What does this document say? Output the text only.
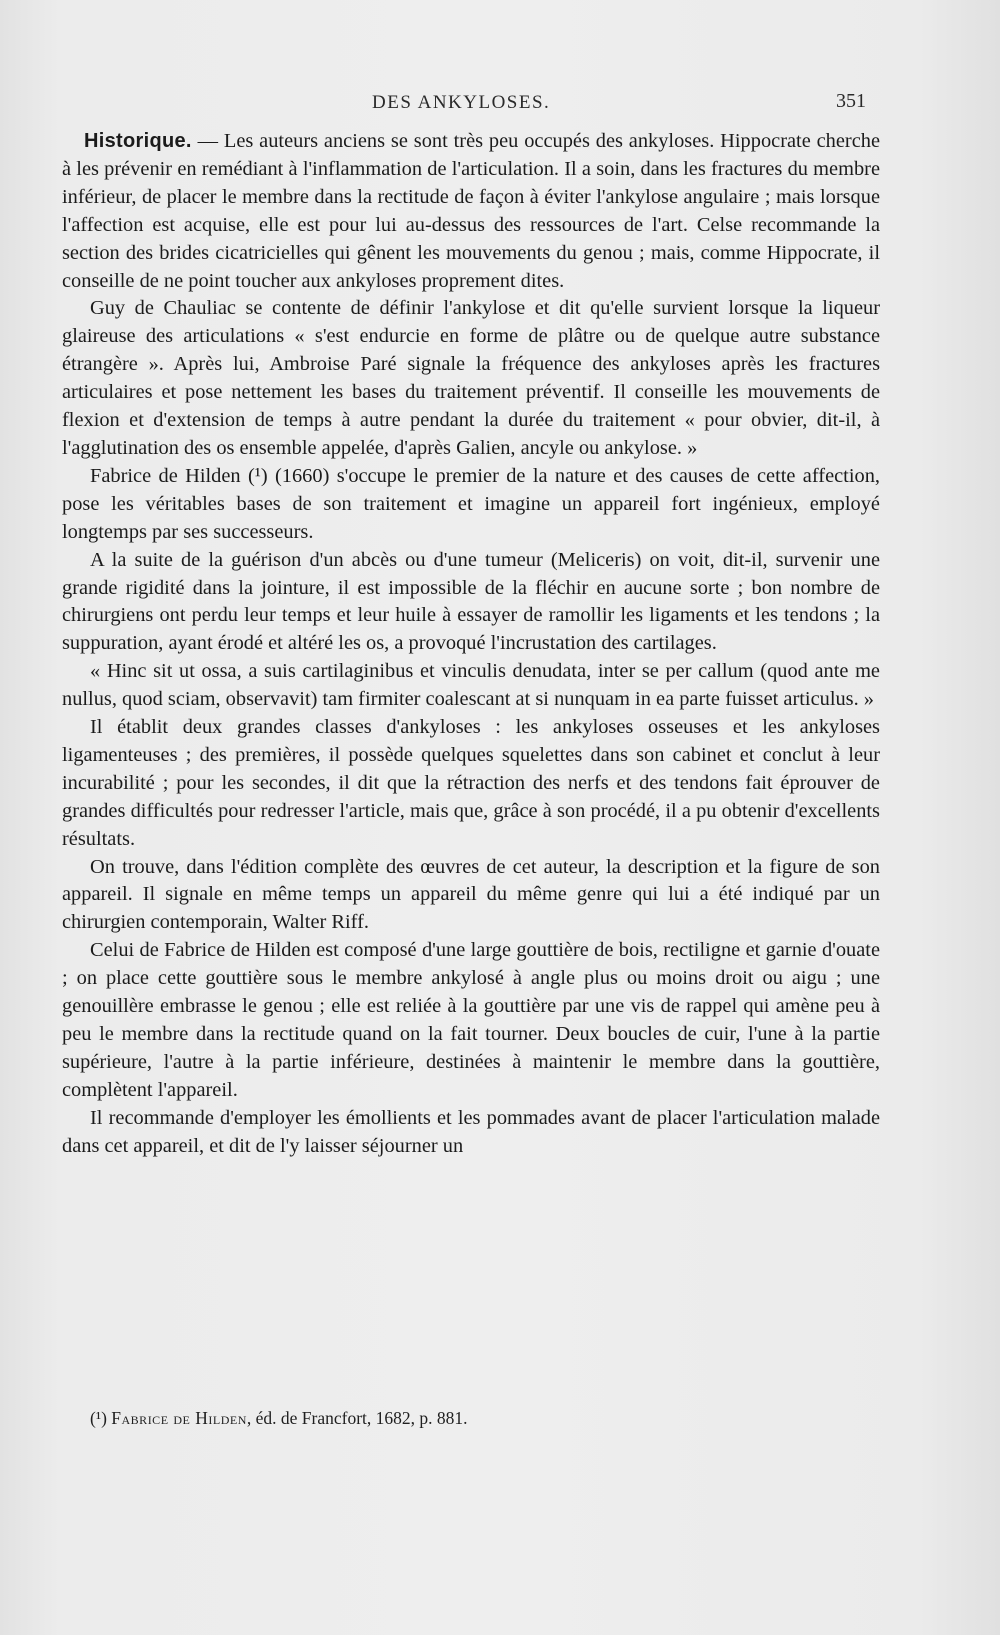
DES ANKYLOSES.	351

Historique. — Les auteurs anciens se sont très peu occupés des ankyloses. Hippocrate cherche à les prévenir en remédiant à l'inflammation de l'articulation. Il a soin, dans les fractures du membre inférieur, de placer le membre dans la rectitude de façon à éviter l'ankylose angulaire ; mais lorsque l'affection est acquise, elle est pour lui au-dessus des ressources de l'art. Celse recommande la section des brides cicatricielles qui gênent les mouvements du genou ; mais, comme Hippocrate, il conseille de ne point toucher aux ankyloses proprement dites.

Guy de Chauliac se contente de définir l'ankylose et dit qu'elle survient lorsque la liqueur glaireuse des articulations « s'est endurcie en forme de plâtre ou de quelque autre substance étrangère ». Après lui, Ambroise Paré signale la fréquence des ankyloses après les fractures articulaires et pose nettement les bases du traitement préventif. Il conseille les mouvements de flexion et d'extension de temps à autre pendant la durée du traitement « pour obvier, dit-il, à l'agglutination des os ensemble appelée, d'après Galien, ancyle ou ankylose. »

Fabrice de Hilden (¹) (1660) s'occupe le premier de la nature et des causes de cette affection, pose les véritables bases de son traitement et imagine un appareil fort ingénieux, employé longtemps par ses successeurs.

A la suite de la guérison d'un abcès ou d'une tumeur (Meliceris) on voit, dit-il, survenir une grande rigidité dans la jointure, il est impossible de la fléchir en aucune sorte ; bon nombre de chirurgiens ont perdu leur temps et leur huile à essayer de ramollir les ligaments et les tendons ; la suppuration, ayant érodé et altéré les os, a provoqué l'incrustation des cartilages.

« Hinc sit ut ossa, a suis cartilaginibus et vinculis denudata, inter se per callum (quod ante me nullus, quod sciam, observavit) tam firmiter coalescant at si nunquam in ea parte fuisset articulus. »

Il établit deux grandes classes d'ankyloses : les ankyloses osseuses et les ankyloses ligamenteuses ; des premières, il possède quelques squelettes dans son cabinet et conclut à leur incurabilité ; pour les secondes, il dit que la rétraction des nerfs et des tendons fait éprouver de grandes difficultés pour redresser l'article, mais que, grâce à son procédé, il a pu obtenir d'excellents résultats.

On trouve, dans l'édition complète des œuvres de cet auteur, la description et la figure de son appareil. Il signale en même temps un appareil du même genre qui lui a été indiqué par un chirurgien contemporain, Walter Riff.

Celui de Fabrice de Hilden est composé d'une large gouttière de bois, rectiligne et garnie d'ouate ; on place cette gouttière sous le membre ankylosé à angle plus ou moins droit ou aigu ; une genouillère embrasse le genou ; elle est reliée à la gouttière par une vis de rappel qui amène peu à peu le membre dans la rectitude quand on la fait tourner. Deux boucles de cuir, l'une à la partie supérieure, l'autre à la partie inférieure, destinées à maintenir le membre dans la gouttière, complètent l'appareil.

Il recommande d'employer les émollients et les pommades avant de placer l'articulation malade dans cet appareil, et dit de l'y laisser séjourner un

(¹) Fabrice de Hilden, éd. de Francfort, 1682, p. 881.
